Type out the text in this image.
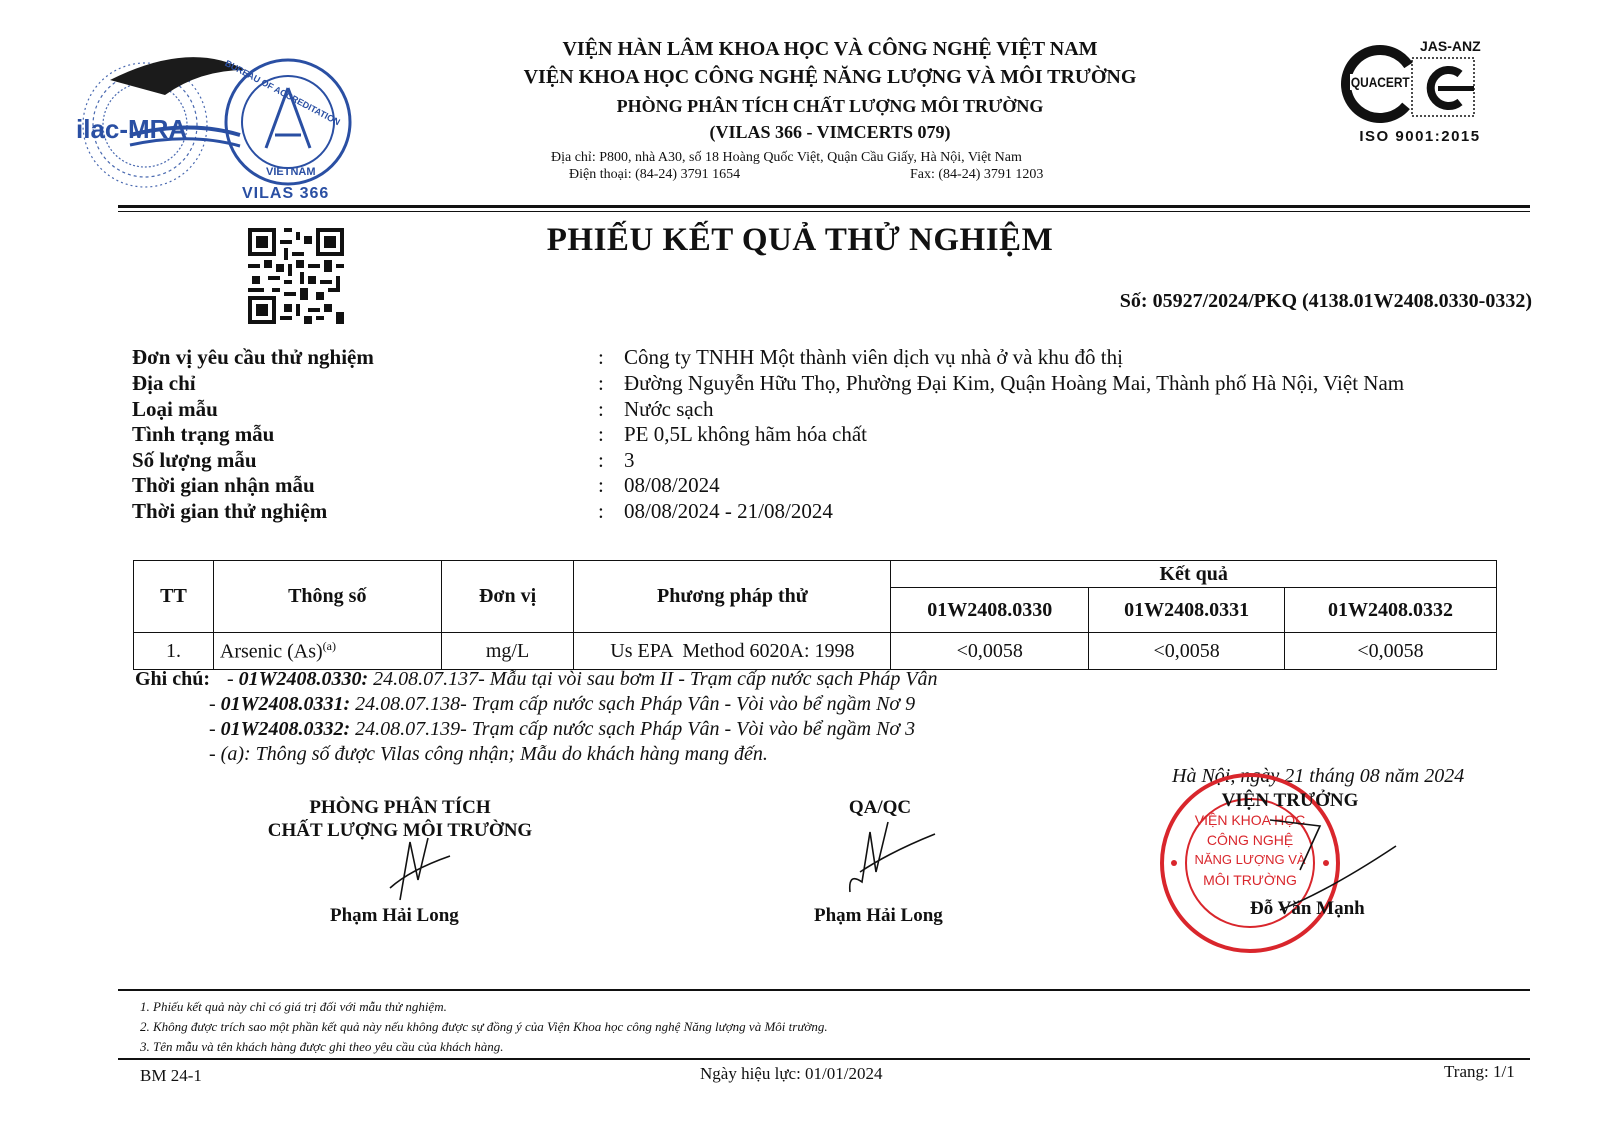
ilac-MRA
BUREAU OF ACCREDITATION
VIETNAM
VILAS 366
VIỆN HÀN LÂM KHOA HỌC VÀ CÔNG NGHỆ VIỆT NAM
VIỆN KHOA HỌC CÔNG NGHỆ NĂNG LƯỢNG VÀ MÔI TRƯỜNG
PHÒNG PHÂN TÍCH CHẤT LƯỢNG MÔI TRƯỜNG
(VILAS 366 - VIMCERTS 079)
Địa chỉ: P800, nhà A30, số 18 Hoàng Quốc Việt, Quận Cầu Giấy, Hà Nội, Việt Nam
Điện thoại: (84-24) 3791 1654	Fax: (84-24) 3791 1203
JAS-ANZ
QUACERT
ISO 9001:2015
PHIẾU KẾT QUẢ THỬ NGHIỆM
Số: 05927/2024/PKQ (4138.01W2408.0330-0332)
Đơn vị yêu cầu thử nghiệm	: Công ty TNHH Một thành viên dịch vụ nhà ở và khu đô thị
Địa chỉ	: Đường Nguyễn Hữu Thọ, Phường Đại Kim, Quận Hoàng Mai, Thành phố Hà Nội, Việt Nam
Loại mẫu	: Nước sạch
Tình trạng mẫu	: PE 0,5L không hãm hóa chất
Số lượng mẫu	: 3
Thời gian nhận mẫu	: 08/08/2024
Thời gian thử nghiệm	: 08/08/2024 - 21/08/2024
TT	Thông số	Đơn vị	Phương pháp thử	Kết quả		
				01W2408.0330	01W2408.0331	01W2408.0332
1.	Arsenic $(As)^{(a)}$	mg/L	Us EPA  Method 6020A: 1998	<0,0058	<0,0058	<0,0058
Ghi chú: - 01W2408.0330: 24.08.07.137- Mẫu tại vòi sau bơm II - Trạm cấp nước sạch Pháp Vân
- 01W2408.0331: 24.08.07.138- Trạm cấp nước sạch Pháp Vân - Vòi vào bể ngầm Nơ 9
- 01W2408.0332: 24.08.07.139- Trạm cấp nước sạch Pháp Vân - Vòi vào bể ngầm Nơ 3
- (a): Thông số được Vilas công nhận; Mẫu do khách hàng mang đến.
Hà Nội, ngày 21 tháng 08 năm 2024
PHÒNG PHÂN TÍCH
CHẤT LƯỢNG MÔI TRƯỜNG
Phạm Hải Long
QA/QC
Phạm Hải Long
VIỆN KHOA HỌC
CÔNG NGHỆ
NĂNG LƯỢNG VÀ
MÔI TRƯỜNG
VIỆN TRƯỞNG
Đỗ Văn Mạnh
1. Phiếu kết quả này chỉ có giá trị đối với mẫu thử nghiệm.
2. Không được trích sao một phần kết quả này nếu không được sự đồng ý của Viện Khoa học công nghệ Năng lượng và Môi trường.
3. Tên mẫu và tên khách hàng được ghi theo yêu cầu của khách hàng.
BM 24-1	Ngày hiệu lực: 01/01/2024	Trang: 1/1
